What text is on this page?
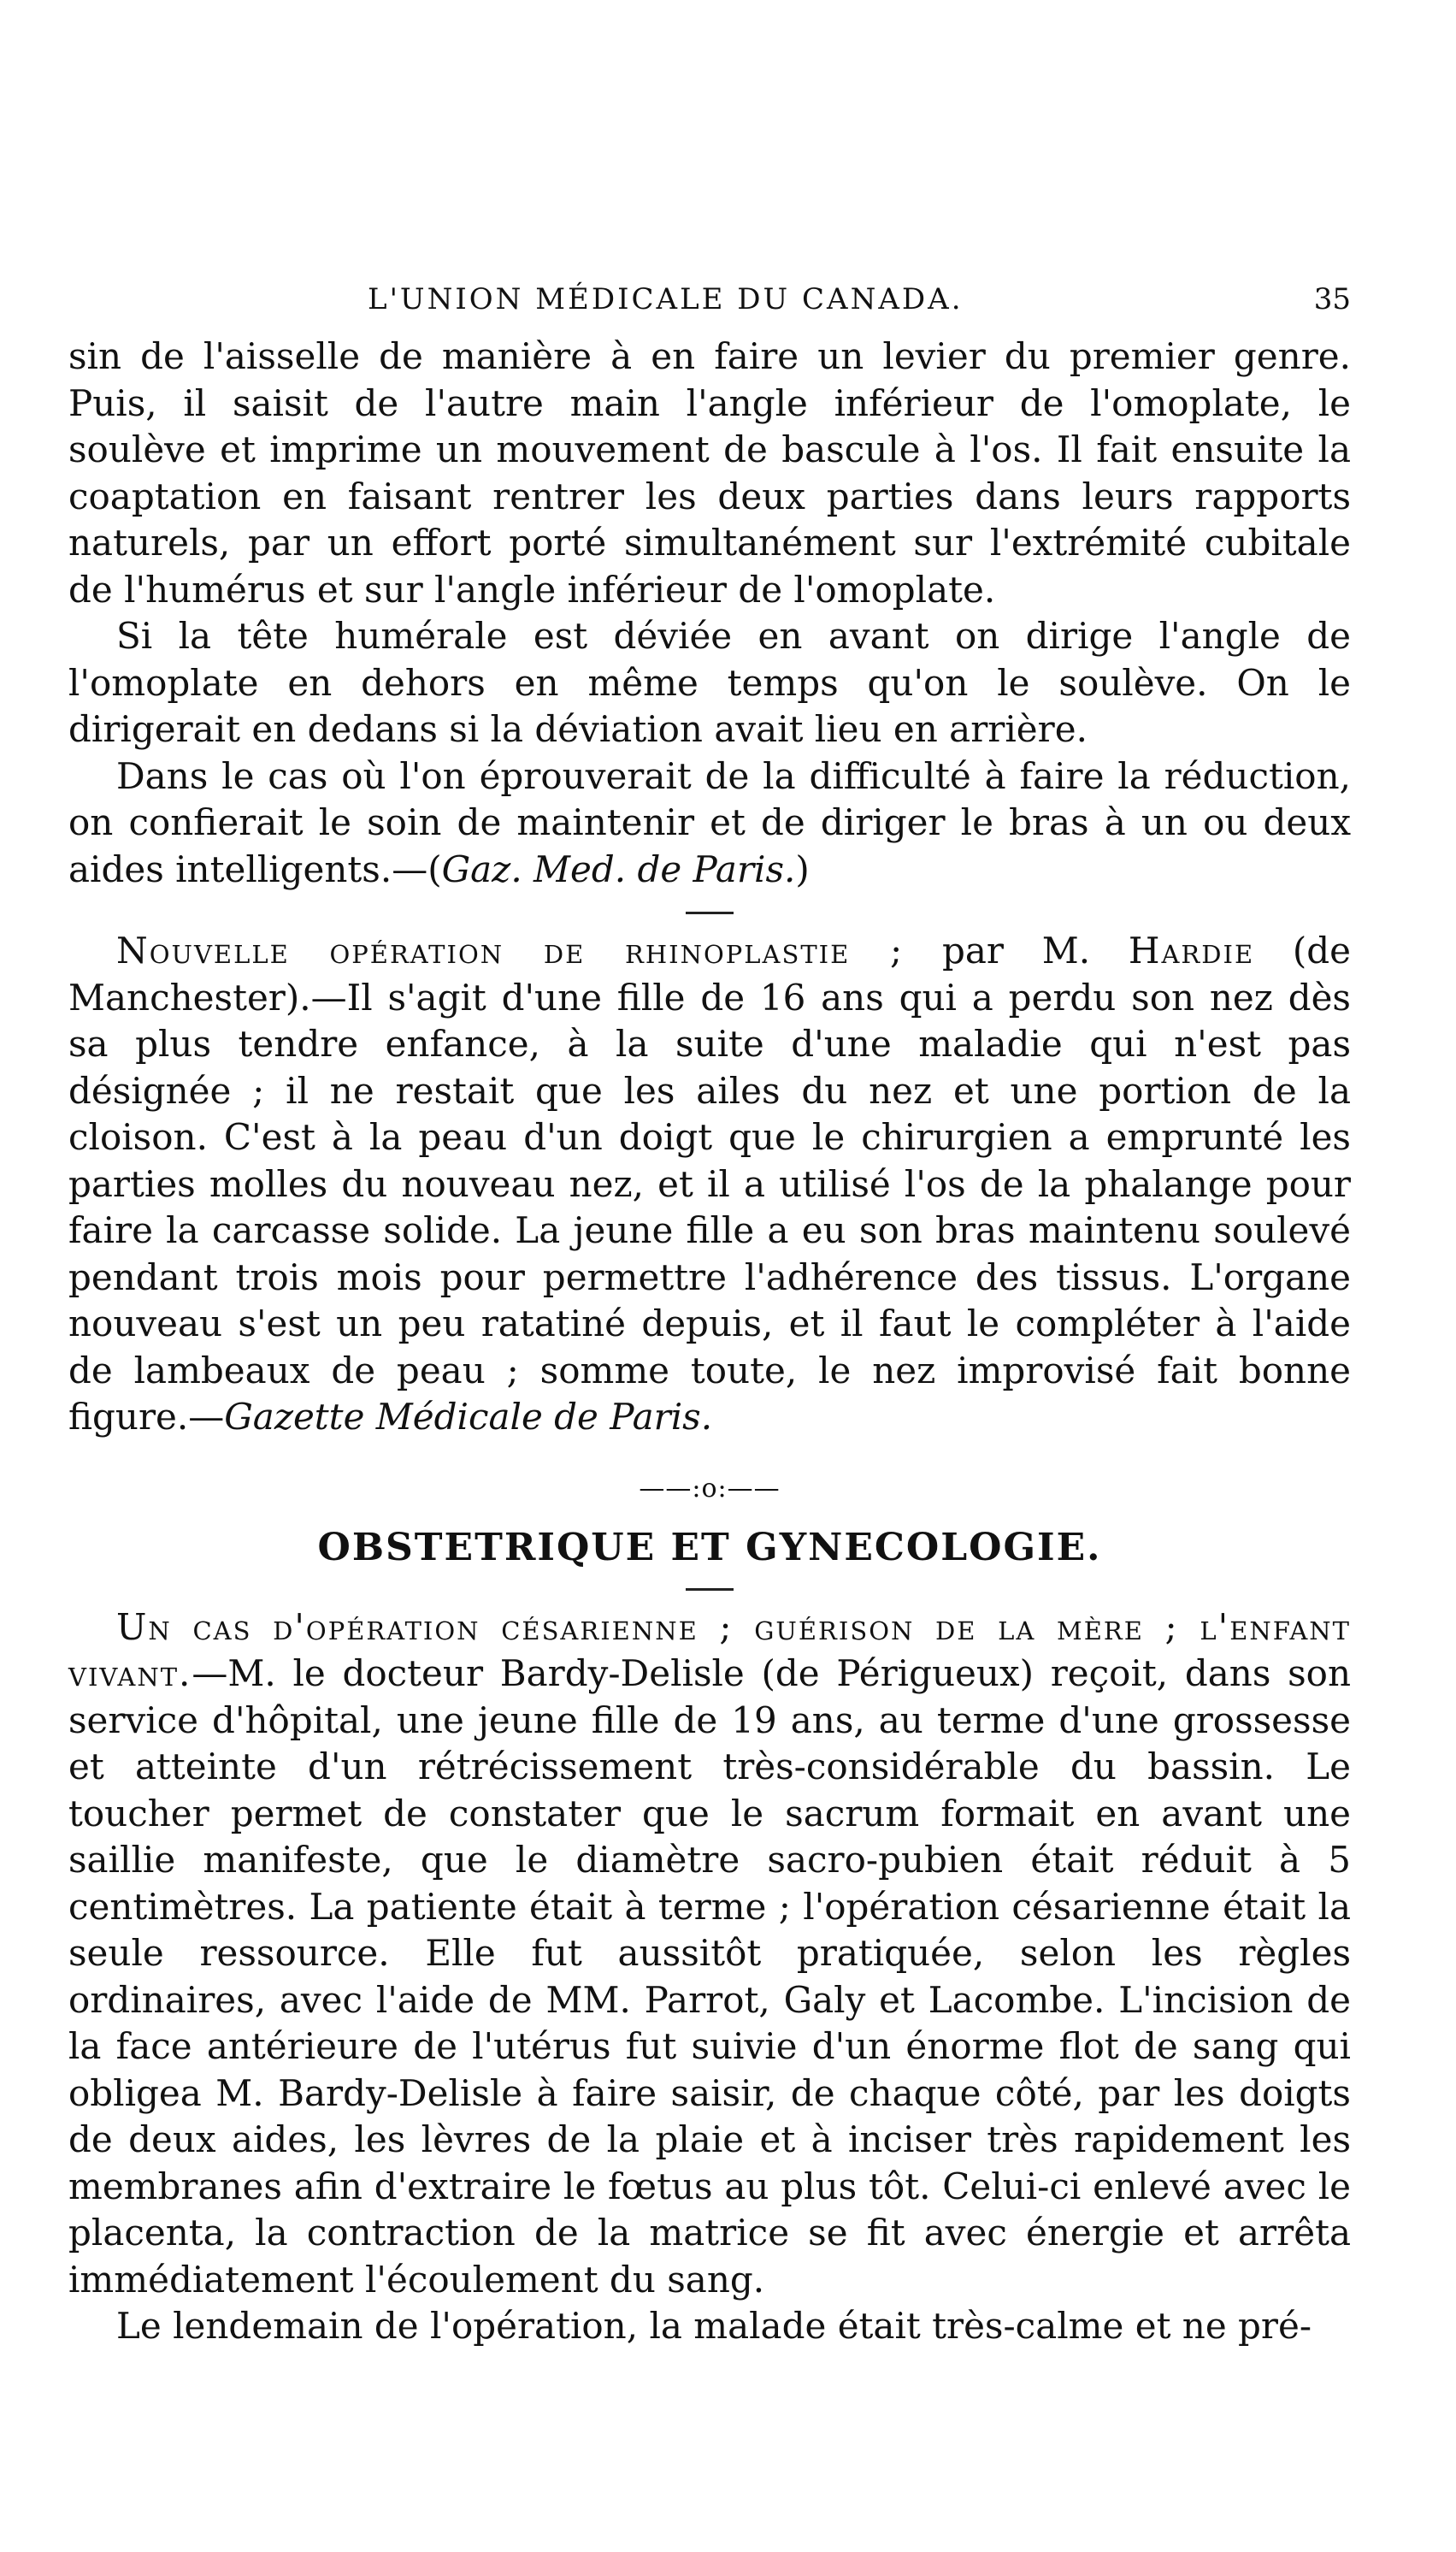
L'UNION MÉDICALE DU CANADA.	35

sin de l'aisselle de manière à en faire un levier du premier genre. Puis, il saisit de l'autre main l'angle inférieur de l'omoplate, le soulève et imprime un mouvement de bascule à l'os. Il fait ensuite la coaptation en faisant rentrer les deux parties dans leurs rapports naturels, par un effort porté simultanément sur l'extrémité cubitale de l'humérus et sur l'angle inférieur de l'omoplate.

Si la tête humérale est déviée en avant on dirige l'angle de l'omoplate en dehors en même temps qu'on le soulève. On le dirigerait en dedans si la déviation avait lieu en arrière.

Dans le cas où l'on éprouverait de la difficulté à faire la réduction, on confierait le soin de maintenir et de diriger le bras à un ou deux aides intelligents.—(Gaz. Med. de Paris.)

Nouvelle opération de rhinoplastie ; par M. Hardie (de Manchester).—Il s'agit d'une fille de 16 ans qui a perdu son nez dès sa plus tendre enfance, à la suite d'une maladie qui n'est pas désignée ; il ne restait que les ailes du nez et une portion de la cloison. C'est à la peau d'un doigt que le chirurgien a emprunté les parties molles du nouveau nez, et il a utilisé l'os de la phalange pour faire la carcasse solide. La jeune fille a eu son bras maintenu soulevé pendant trois mois pour permettre l'adhérence des tissus. L'organe nouveau s'est un peu ratatiné depuis, et il faut le compléter à l'aide de lambeaux de peau ; somme toute, le nez improvisé fait bonne figure.—Gazette Médicale de Paris.

——:o:——
OBSTETRIQUE ET GYNECOLOGIE.

Un cas d'opération césarienne ; guérison de la mère ; l'enfant vivant.—M. le docteur Bardy-Delisle (de Périgueux) reçoit, dans son service d'hôpital, une jeune fille de 19 ans, au terme d'une grossesse et atteinte d'un rétrécissement très-considérable du bassin. Le toucher permet de constater que le sacrum formait en avant une saillie manifeste, que le diamètre sacro-pubien était réduit à 5 centimètres. La patiente était à terme ; l'opération césarienne était la seule ressource. Elle fut aussitôt pratiquée, selon les règles ordinaires, avec l'aide de MM. Parrot, Galy et Lacombe. L'incision de la face antérieure de l'utérus fut suivie d'un énorme flot de sang qui obligea M. Bardy-Delisle à faire saisir, de chaque côté, par les doigts de deux aides, les lèvres de la plaie et à inciser très rapidement les membranes afin d'extraire le fœtus au plus tôt. Celui-ci enlevé avec le placenta, la contraction de la matrice se fit avec énergie et arrêta immédiatement l'écoulement du sang.

Le lendemain de l'opération, la malade était très-calme et ne pré-
